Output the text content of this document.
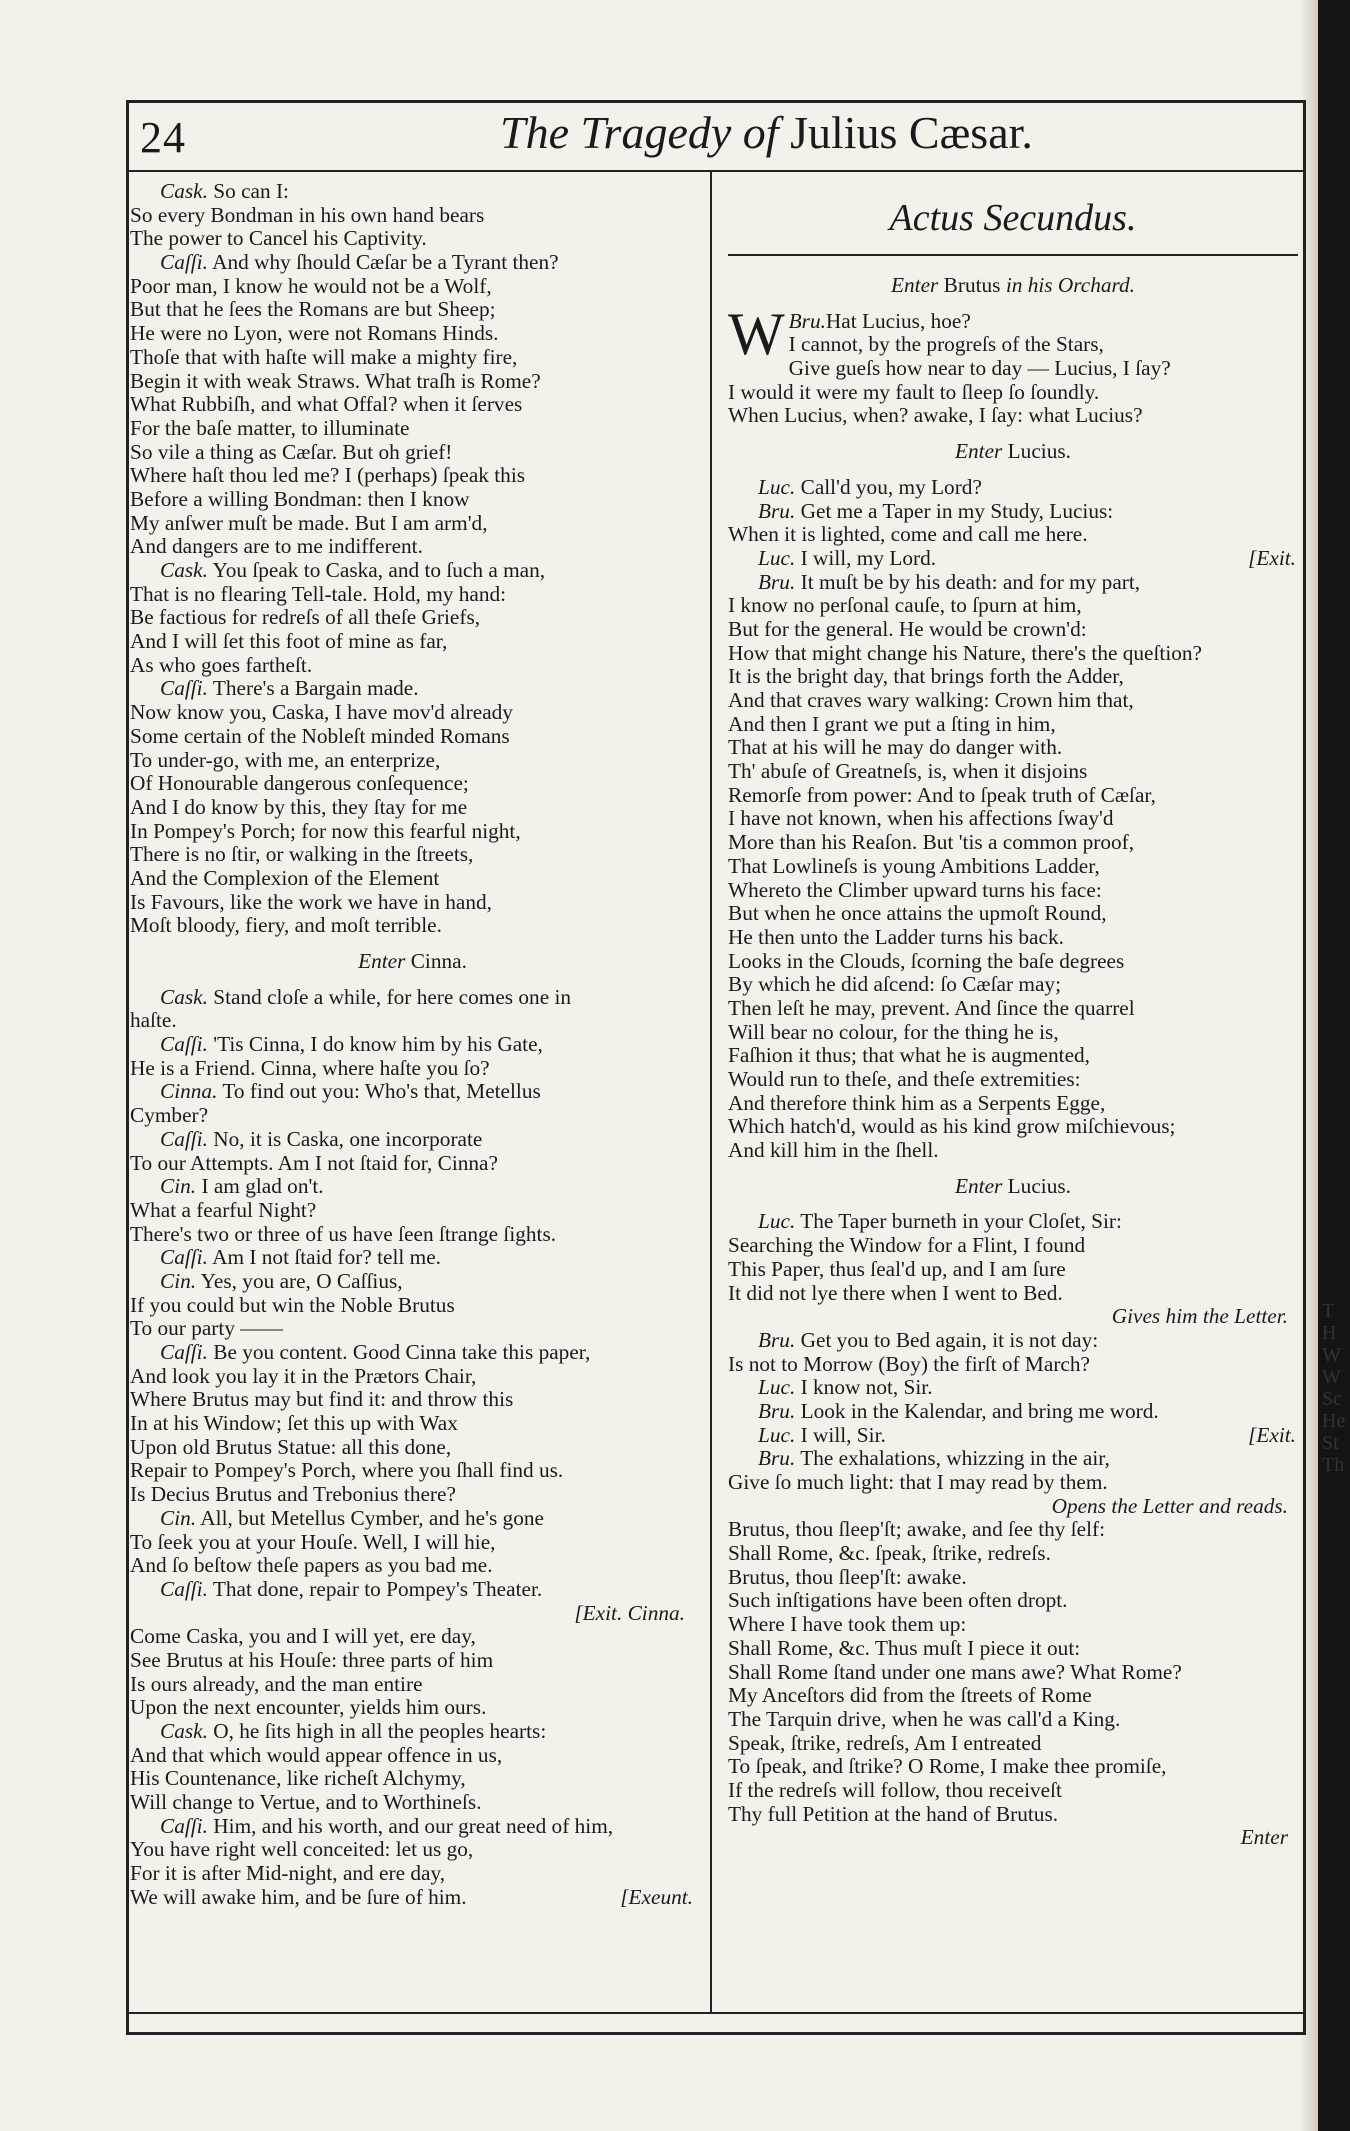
T
H
W
W
Sc
He
St
Th
24	The Tragedy of Julius Cæsar.
Cask. So can I:
So every Bondman in his own hand bears
The power to Cancel his Captivity.
Caſſi. And why ſhould Cæſar be a Tyrant then?
Poor man, I know he would not be a Wolf,
But that he ſees the Romans are but Sheep;
He were no Lyon, were not Romans Hinds.
Thoſe that with haſte will make a mighty fire,
Begin it with weak Straws. What traſh is Rome?
What Rubbiſh, and what Offal? when it ſerves
For the baſe matter, to illuminate
So vile a thing as Cæſar. But oh grief!
Where haſt thou led me? I (perhaps) ſpeak this
Before a willing Bondman: then I know
My anſwer muſt be made. But I am arm'd,
And dangers are to me indifferent.
Cask. You ſpeak to Caska, and to ſuch a man,
That is no flearing Tell-tale. Hold, my hand:
Be factious for redreſs of all theſe Griefs,
And I will ſet this foot of mine as far,
As who goes fartheſt.
Caſſi. There's a Bargain made.
Now know you, Caska, I have mov'd already
Some certain of the Nobleſt minded Romans
To under-go, with me, an enterprize,
Of Honourable dangerous conſequence;
And I do know by this, they ſtay for me
In Pompey's Porch; for now this fearful night,
There is no ſtir, or walking in the ſtreets,
And the Complexion of the Element
Is Favours, like the work we have in hand,
Moſt bloody, fiery, and moſt terrible.
Enter Cinna.
Cask. Stand cloſe a while, for here comes one in
haſte.
Caſſi. 'Tis Cinna, I do know him by his Gate,
He is a Friend. Cinna, where haſte you ſo?
Cinna. To find out you: Who's that, Metellus
Cymber?
Caſſi. No, it is Caska, one incorporate
To our Attempts. Am I not ſtaid for, Cinna?
Cin. I am glad on't.
What a fearful Night?
There's two or three of us have ſeen ſtrange ſights.
Caſſi. Am I not ſtaid for? tell me.
Cin. Yes, you are, O Caſſius,
If you could but win the Noble Brutus
To our party ——
Caſſi. Be you content. Good Cinna take this paper,
And look you lay it in the Prætors Chair,
Where Brutus may but find it: and throw this
In at his Window; ſet this up with Wax
Upon old Brutus Statue: all this done,
Repair to Pompey's Porch, where you ſhall find us.
Is Decius Brutus and Trebonius there?
Cin. All, but Metellus Cymber, and he's gone
To ſeek you at your Houſe. Well, I will hie,
And ſo beſtow theſe papers as you bad me.
Caſſi. That done, repair to Pompey's Theater.
[Exit. Cinna.
Come Caska, you and I will yet, ere day,
See Brutus at his Houſe: three parts of him
Is ours already, and the man entire
Upon the next encounter, yields him ours.
Cask. O, he ſits high in all the peoples hearts:
And that which would appear offence in us,
His Countenance, like richeſt Alchymy,
Will change to Vertue, and to Worthineſs.
Caſſi. Him, and his worth, and our great need of him,
You have right well conceited: let us go,
For it is after Mid-night, and ere day,
We will awake him, and be ſure of him.	[Exeunt.
Actus Secundus.
Enter Brutus in his Orchard.
Bru.
W Hat Lucius, hoe?
I cannot, by the progreſs of the Stars,
Give gueſs how near to day — Lucius, I ſay?
I would it were my fault to ſleep ſo ſoundly.
When Lucius, when? awake, I ſay: what Lucius?
Enter Lucius.
Luc. Call'd you, my Lord?
Bru. Get me a Taper in my Study, Lucius:
When it is lighted, come and call me here.
Luc. I will, my Lord.	[Exit.
Bru. It muſt be by his death: and for my part,
I know no perſonal cauſe, to ſpurn at him,
But for the general. He would be crown'd:
How that might change his Nature, there's the queſtion?
It is the bright day, that brings forth the Adder,
And that craves wary walking: Crown him that,
And then I grant we put a ſting in him,
That at his will he may do danger with.
Th' abuſe of Greatneſs, is, when it disjoins
Remorſe from power: And to ſpeak truth of Cæſar,
I have not known, when his affections ſway'd
More than his Reaſon. But 'tis a common proof,
That Lowlineſs is young Ambitions Ladder,
Whereto the Climber upward turns his face:
But when he once attains the upmoſt Round,
He then unto the Ladder turns his back.
Looks in the Clouds, ſcorning the baſe degrees
By which he did aſcend: ſo Cæſar may;
Then leſt he may, prevent. And ſince the quarrel
Will bear no colour, for the thing he is,
Faſhion it thus; that what he is augmented,
Would run to theſe, and theſe extremities:
And therefore think him as a Serpents Egge,
Which hatch'd, would as his kind grow miſchievous;
And kill him in the ſhell.
Enter Lucius.
Luc. The Taper burneth in your Cloſet, Sir:
Searching the Window for a Flint, I found
This Paper, thus ſeal'd up, and I am ſure
It did not lye there when I went to Bed.
Gives him the Letter.
Bru. Get you to Bed again, it is not day:
Is not to Morrow (Boy) the firſt of March?
Luc. I know not, Sir.
Bru. Look in the Kalendar, and bring me word.
Luc. I will, Sir.	[Exit.
Bru. The exhalations, whizzing in the air,
Give ſo much light: that I may read by them.
Opens the Letter and reads.
Brutus, thou ſleep'ſt; awake, and ſee thy ſelf:
Shall Rome, &c. ſpeak, ſtrike, redreſs.
Brutus, thou ſleep'ſt: awake.
Such inſtigations have been often dropt.
Where I have took them up:
Shall Rome, &c. Thus muſt I piece it out:
Shall Rome ſtand under one mans awe? What Rome?
My Anceſtors did from the ſtreets of Rome
The Tarquin drive, when he was call'd a King.
Speak, ſtrike, redreſs, Am I entreated
To ſpeak, and ſtrike? O Rome, I make thee promiſe,
If the redreſs will follow, thou receiveſt
Thy full Petition at the hand of Brutus.
Enter
